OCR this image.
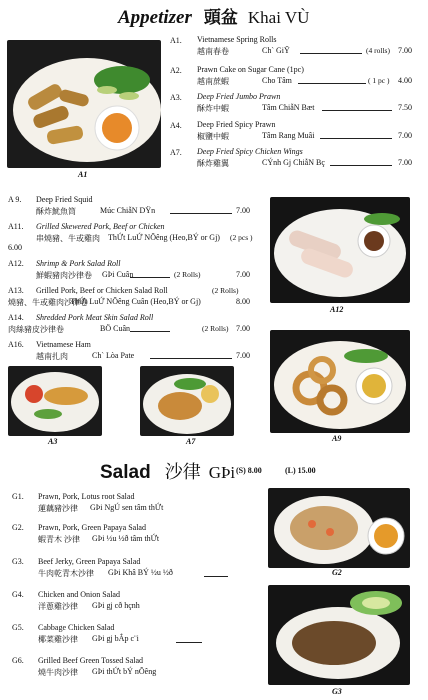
Appetizer 頭盆 Khai VÙ
A1
A1. Vietnamese Spring Rolls
越南春卷	Ch` GiỸ	(4 rolls) 7.00
A2. Prawn Cake on Sugar Cane (1pc)
越南蔗蝦	Cho Tâm	( 1 pc ) 4.00
A3. Deep Fried Jumbo Prawn
酥炸中蝦	Tâm ChiẫN Bæt	7.50
A4. Deep Fried Spicy Prawn
椒鹽中蝦	Tâm Rang Muâi	7.00
A7. Deep Fried Spicy Chicken Wings
酥炸雞翼	CÝnh Gj ChiẫN Bç	7.00
A 9. Deep Fried Squid
酥炸魷魚筒	Múc ChiẫN DŸn	7.00
A11. Grilled Skewered Pork, Beef or Chicken
串燒豬、牛或雞肉 ThỨt LuỨ NÕêng (Heo,BÝ or Gj) (2 pcs )
6.00
A12. Shrimp & Pork Salad Roll
鮮蝦豬肉沙律卷 GÞi Cuân	(2 Rolls)	7.00
A13. Grilled Pork, Beef or Chicken Salad Roll	(2 Rolls)
燒豬、牛或雞肉沙律卷
ThỨt LuỨ NÕêng Cuân (Heo,BÝ or Gj)	8.00
A14. Shredded Pork Meat Skin Salad Roll
肉絲豬皮沙律卷	BÖ Cuân	(2 Rolls) 7.00
A16. Vietnamese Ham
越南扎肉	Ch` Lòa Pate	7.00
A12
A3	A7	A9
Salad 沙律 GÞi (S) 8.00	(L) 15.00
G1. Prawn, Pork, Lotus root Salad
蓮藕豬沙律 GÞi NgÚ sen tâm thỨt
G2. Prawn, Pork, Green Papaya Salad
蝦青木 沙律 GÞi ½u ½ð tâm thỨt
G3. Beef Jerky, Green Papaya Salad
牛肉乾青木沙律 GÞi Khâ BÝ ½u ½ð
G4. Chicken and Onion Salad
洋蔥雞沙律 GÞi gj cð hçnh
G5. Cabbage Chicken Salad
椰菜雞沙律 GÞi gj bẮp c¨i
G6. Grilled Beef Green Tossed Salad
燒牛肉沙律 GÞi thỨt bÝ nÕêng
G2
G3
